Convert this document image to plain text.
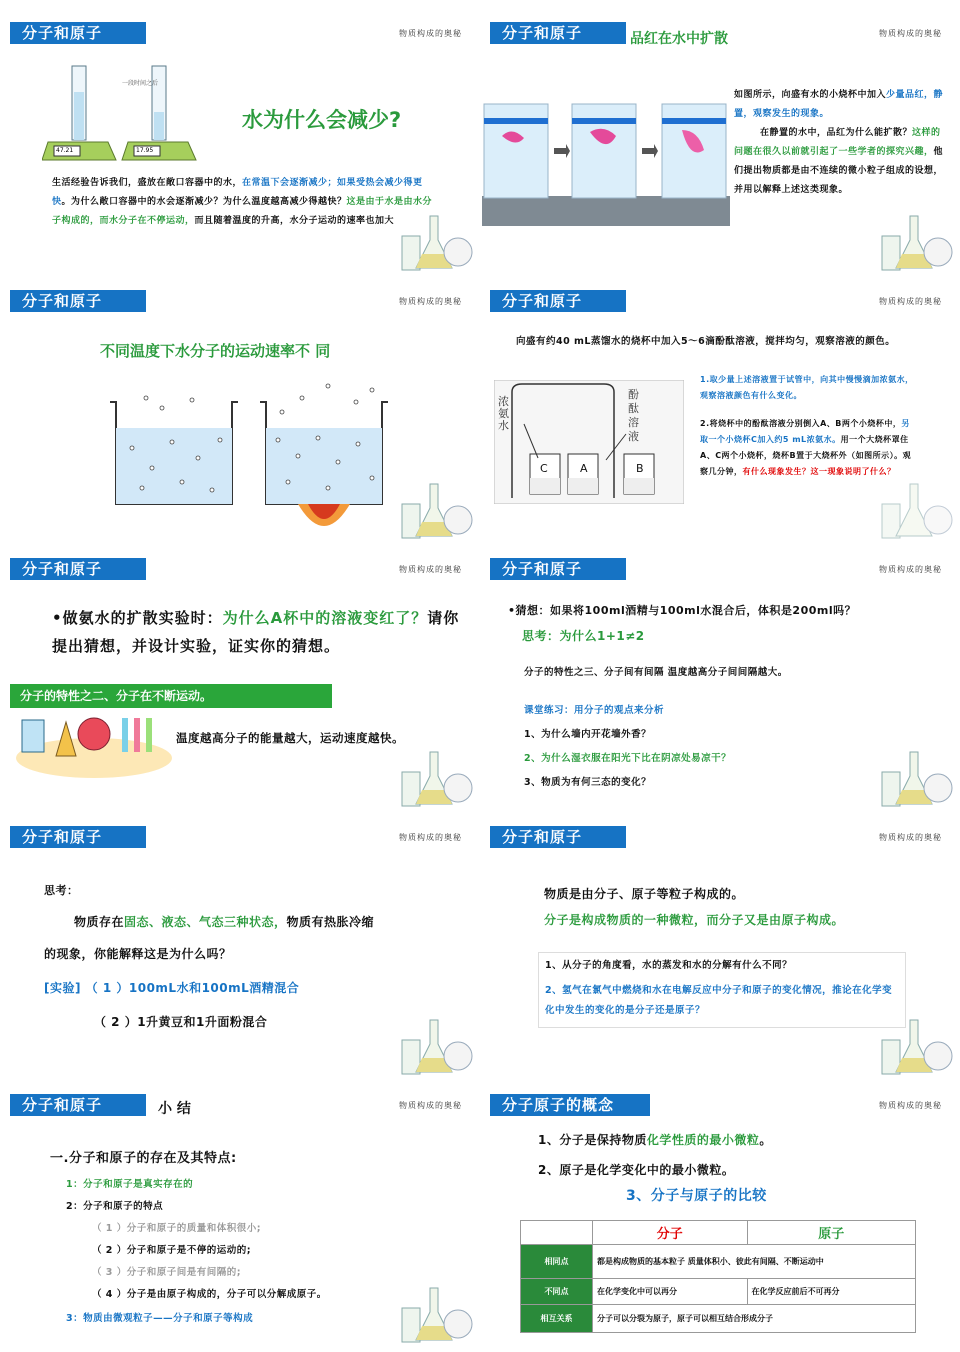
分子和原子	物质构成的奥秘
一段时间之后
47.21	17.95
水为什么会减少?
生活经验告诉我们，盛放在敞口容器中的水，在常温下会逐渐减少；如果受热会减少得更快。为什么敞口容器中的水会逐渐减少？为什么温度越高减少得越快？这是由于水是由水分子构成的，而水分子在不停运动，而且随着温度的升高，水分子运动的速率也加大
分子和原子	品红在水中扩散	物质构成的奥秘
如图所示，向盛有水的小烧杯中加入少量品红，静置，观察发生的现象。
在静置的水中，品红为什么能扩散？这样的问题在很久以前就引起了一些学者的探究兴趣，他们提出物质都是由不连续的微小粒子组成的设想，并用以解释上述这类现象。
分子和原子	物质构成的奥秘
不同温度下水分子的运动速率不 同
分子和原子	物质构成的奥秘
向盛有约40 mL蒸馏水的烧杯中加入5～6滴酚酞溶液，搅拌均匀，观察溶液的颜色。
浓氨水
酚酞溶液
C	A	B
1.取少量上述溶液置于试管中，向其中慢慢滴加浓氨水，观察溶液颜色有什么变化。
2.将烧杯中的酚酞溶液分别倒入A、B两个小烧杯中，另取一个小烧杯C加入约5 mL浓氨水。用一个大烧杯罩住A、C两个小烧杯，烧杯B置于大烧杯外（如图所示）。观察几分钟，有什么现象发生？这一现象说明了什么？
分子和原子	物质构成的奥秘
•做氨水的扩散实验时：为什么A杯中的溶液变红了？请你提出猜想，并设计实验，证实你的猜想。
分子的特性之二、分子在不断运动。
温度越高分子的能量越大，运动速度越快。
分子和原子	物质构成的奥秘
•猜想：如果将100ml酒精与100ml水混合后，体积是200ml吗？
思考：为什么1+1≠2
分子的特性之三、分子间有间隔 温度越高分子间间隔越大。
课堂练习：用分子的观点来分析
1、为什么墙内开花墙外香？
2、为什么湿衣服在阳光下比在阴凉处易凉干？
3、物质为有何三态的变化？
分子和原子	物质构成的奥秘
思考：
物质存在固态、液态、气态三种状态，物质有热胀冷缩
的现象，你能解释这是为什么吗？
[实验] （ 1 ）100mL水和100mL酒精混合
（ 2 ）1升黄豆和1升面粉混合
分子和原子	物质构成的奥秘
物质是由分子、原子等粒子构成的。
分子是构成物质的一种微粒，而分子又是由原子构成。
1、从分子的角度看，水的蒸发和水的分解有什么不同？
2、氢气在氯气中燃烧和水在电解反应中分子和原子的变化情况，推论在化学变化中发生的变化的是分子还是原子？
分子和原子	小 结	物质构成的奥秘
一.分子和原子的存在及其特点:
1：分子和原子是真实存在的
2：分子和原子的特点
（ 1 ）分子和原子的质量和体积很小;
（ 2 ）分子和原子是不停的运动的;
（ 3 ）分子和原子间是有间隔的;
（ 4 ）分子是由原子构成的，分子可以分解成原子。
3：物质由微观粒子——分子和原子等构成
分子原子的概念	物质构成的奥秘
1、分子是保持物质化学性质的最小微粒。
2、原子是化学变化中的最小微粒。
3、分子与原子的比较
	分子	原子
相同点	都是构成物质的基本粒子 质量体积小、彼此有间隔、不断运动中	
不同点	在化学变化中可以再分	在化学反应前后不可再分
相互关系	分子可以分裂为原子，原子可以相互结合形成分子	
